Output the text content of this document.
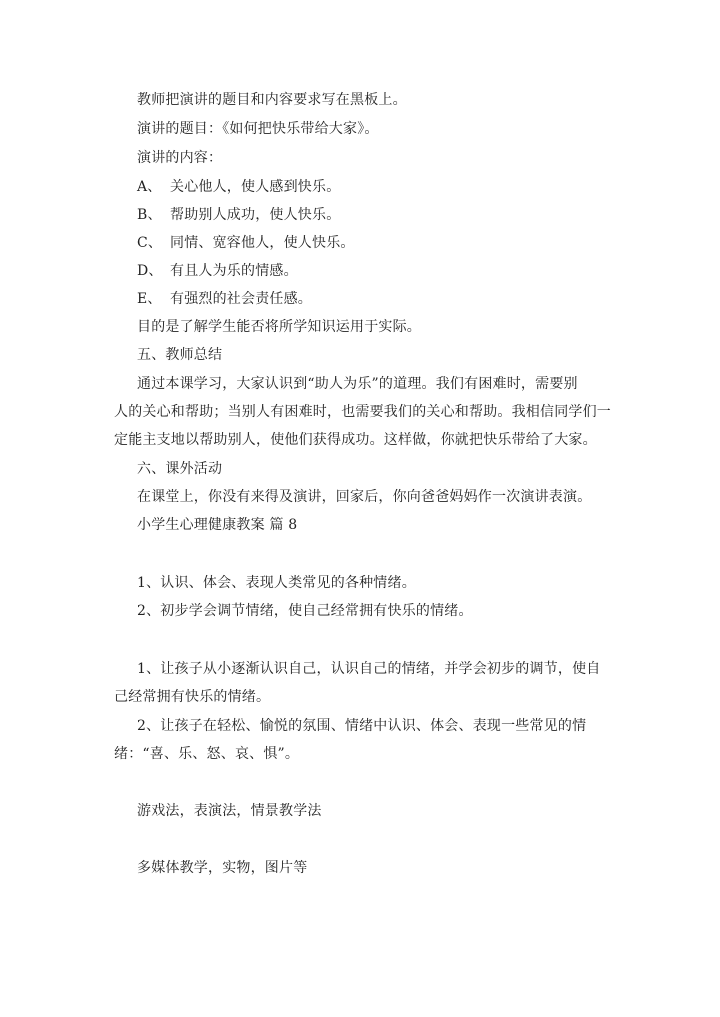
教师把演讲的题目和内容要求写在黑板上。
演讲的题目：《如何把快乐带给大家》。
演讲的内容：
A、 关心他人，使人感到快乐。
B、 帮助别人成功，使人快乐。
C、 同情、宽容他人，使人快乐。
D、 有且人为乐的情感。
E、 有强烈的社会责任感。
目的是了解学生能否将所学知识运用于实际。
五、教师总结
通过本课学习，大家认识到“助人为乐”的道理。我们有困难时，需要别
人的关心和帮助；当别人有困难时，也需要我们的关心和帮助。我相信同学们一
定能主支地以帮助别人，使他们获得成功。这样做，你就把快乐带给了大家。
六、课外活动
在课堂上，你没有来得及演讲，回家后，你向爸爸妈妈作一次演讲表演。
小学生心理健康教案 篇 8
1、认识、体会、表现人类常见的各种情绪。
2、初步学会调节情绪，使自己经常拥有快乐的情绪。
1、让孩子从小逐渐认识自己，认识自己的情绪，并学会初步的调节，使自
己经常拥有快乐的情绪。
2、让孩子在轻松、愉悦的氛围、情绪中认识、体会、表现一些常见的情
绪：“喜、乐、怒、哀、惧”。
游戏法，表演法，情景教学法
多媒体教学，实物，图片等
